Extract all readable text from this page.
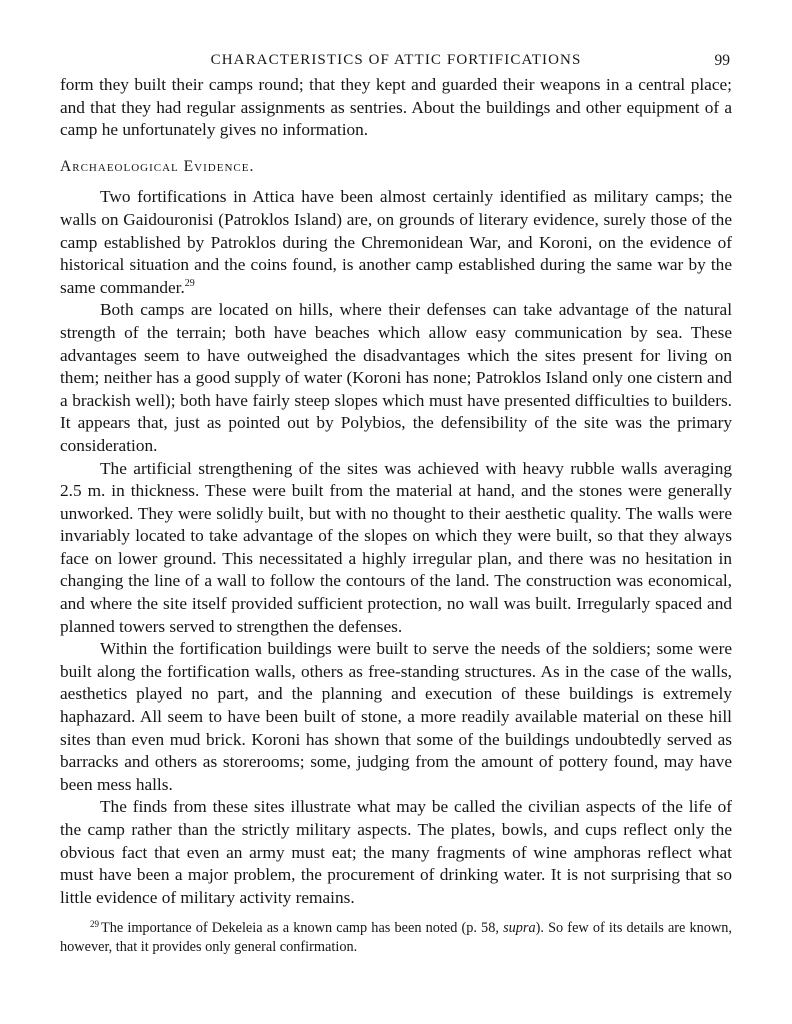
CHARACTERISTICS OF ATTIC FORTIFICATIONS	99

form they built their camps round; that they kept and guarded their weapons in a central place; and that they had regular assignments as sentries. About the buildings and other equipment of a camp he unfortunately gives no information.

Archaeological Evidence.

Two fortifications in Attica have been almost certainly identified as military camps; the walls on Gaidouronisi (Patroklos Island) are, on grounds of literary evidence, surely those of the camp established by Patroklos during the Chremonidean War, and Koroni, on the evidence of historical situation and the coins found, is another camp established during the same war by the same commander.$^{29}$

Both camps are located on hills, where their defenses can take advantage of the natural strength of the terrain; both have beaches which allow easy communication by sea. These advantages seem to have outweighed the disadvantages which the sites present for living on them; neither has a good supply of water (Koroni has none; Patroklos Island only one cistern and a brackish well); both have fairly steep slopes which must have presented difficulties to builders. It appears that, just as pointed out by Polybios, the defensibility of the site was the primary consideration.

The artificial strengthening of the sites was achieved with heavy rubble walls averaging 2.5 m. in thickness. These were built from the material at hand, and the stones were generally unworked. They were solidly built, but with no thought to their aesthetic quality. The walls were invariably located to take advantage of the slopes on which they were built, so that they always face on lower ground. This necessitated a highly irregular plan, and there was no hesitation in changing the line of a wall to follow the contours of the land. The construction was economical, and where the site itself provided sufficient protection, no wall was built. Irregularly spaced and planned towers served to strengthen the defenses.

Within the fortification buildings were built to serve the needs of the soldiers; some were built along the fortification walls, others as free-standing structures. As in the case of the walls, aesthetics played no part, and the planning and execution of these buildings is extremely haphazard. All seem to have been built of stone, a more readily available material on these hill sites than even mud brick. Koroni has shown that some of the buildings undoubtedly served as barracks and others as storerooms; some, judging from the amount of pottery found, may have been mess halls.

The finds from these sites illustrate what may be called the civilian aspects of the life of the camp rather than the strictly military aspects. The plates, bowls, and cups reflect only the obvious fact that even an army must eat; the many fragments of wine amphoras reflect what must have been a major problem, the procurement of drinking water. It is not surprising that so little evidence of military activity remains.

$^{29}$ The importance of Dekeleia as a known camp has been noted (p. 58, supra). So few of its details are known, however, that it provides only general confirmation.
